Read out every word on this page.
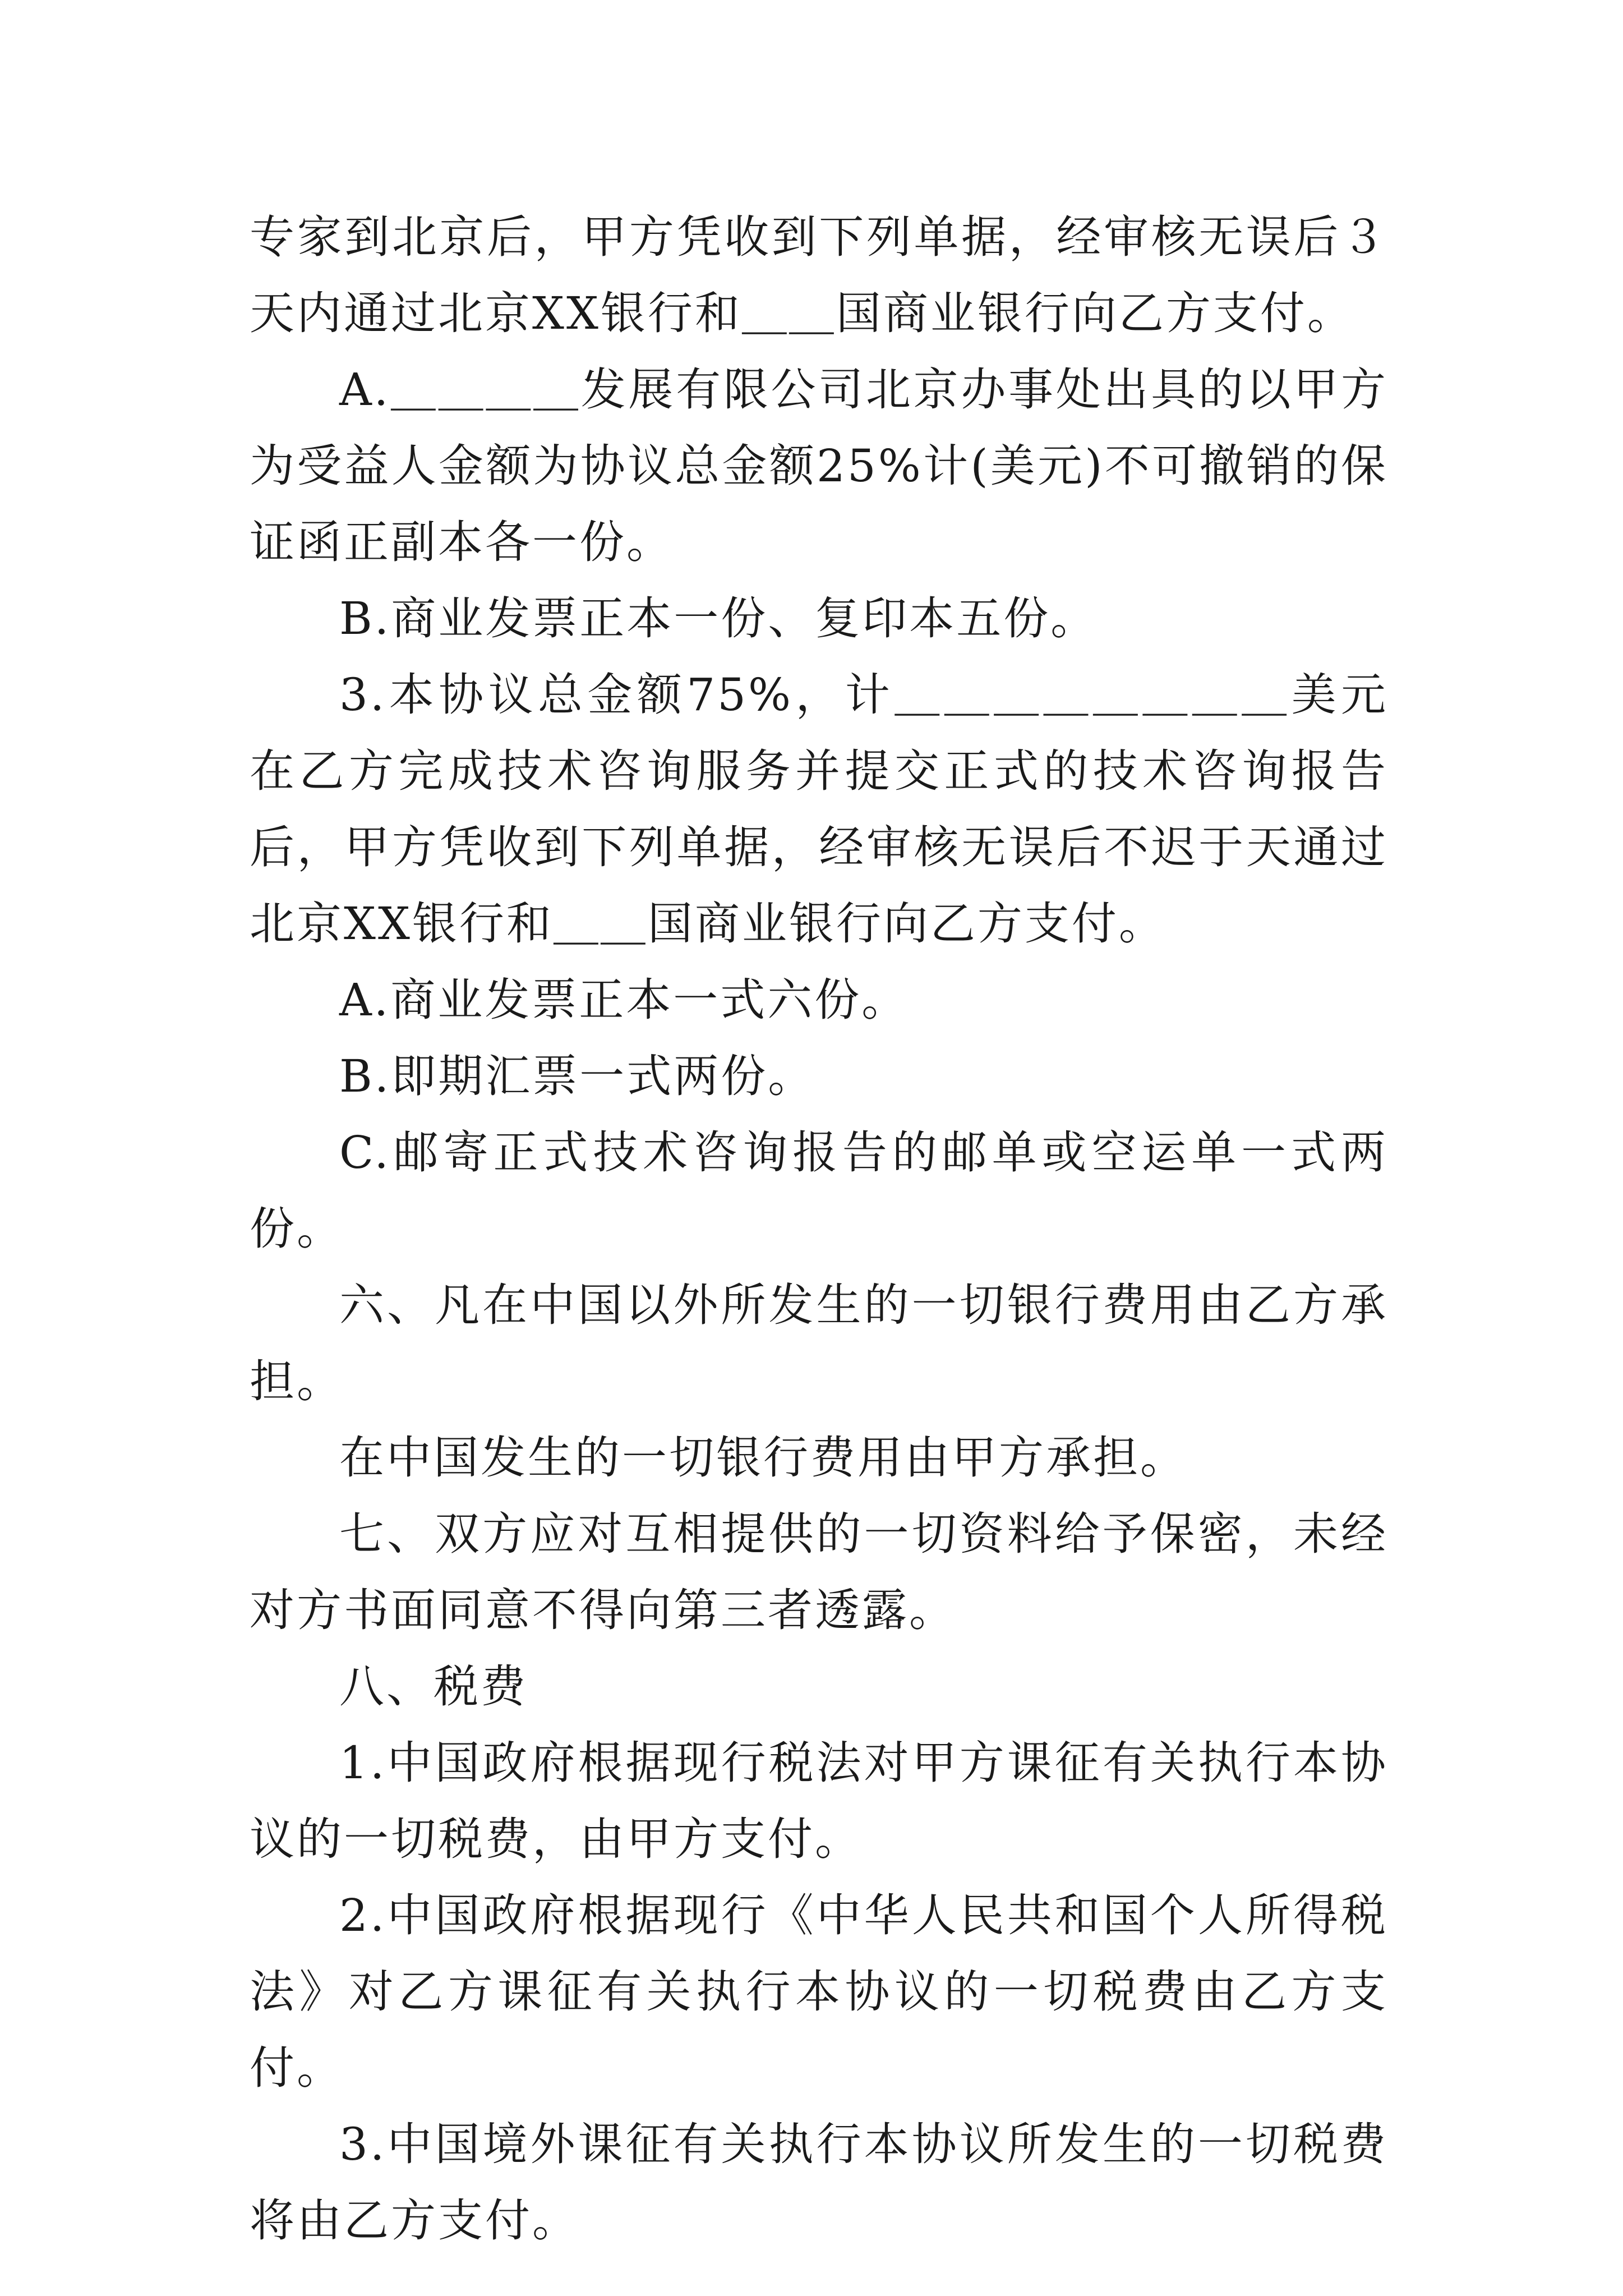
专家到北京后，甲方凭收到下列单据，经审核无误后３天内通过北京XX银行和＿＿国商业银行向乙方支付。

A.＿＿＿＿发展有限公司北京办事处出具的以甲方为受益人金额为协议总金额25%计(美元)不可撤销的保证函正副本各一份。

B.商业发票正本一份、复印本五份。

3.本协议总金额75%，计＿＿＿＿＿＿＿＿美元在乙方完成技术咨询服务并提交正式的技术咨询报告后，甲方凭收到下列单据，经审核无误后不迟于天通过北京XX银行和＿＿国商业银行向乙方支付。

A.商业发票正本一式六份。

B.即期汇票一式两份。

C.邮寄正式技术咨询报告的邮单或空运单一式两份。

六、凡在中国以外所发生的一切银行费用由乙方承担。

在中国发生的一切银行费用由甲方承担。

七、双方应对互相提供的一切资料给予保密，未经对方书面同意不得向第三者透露。

八、税费

1.中国政府根据现行税法对甲方课征有关执行本协议的一切税费，由甲方支付。

2.中国政府根据现行《中华人民共和国个人所得税法》对乙方课征有关执行本协议的一切税费由乙方支付。

3.中国境外课征有关执行本协议所发生的一切税费将由乙方支付。
